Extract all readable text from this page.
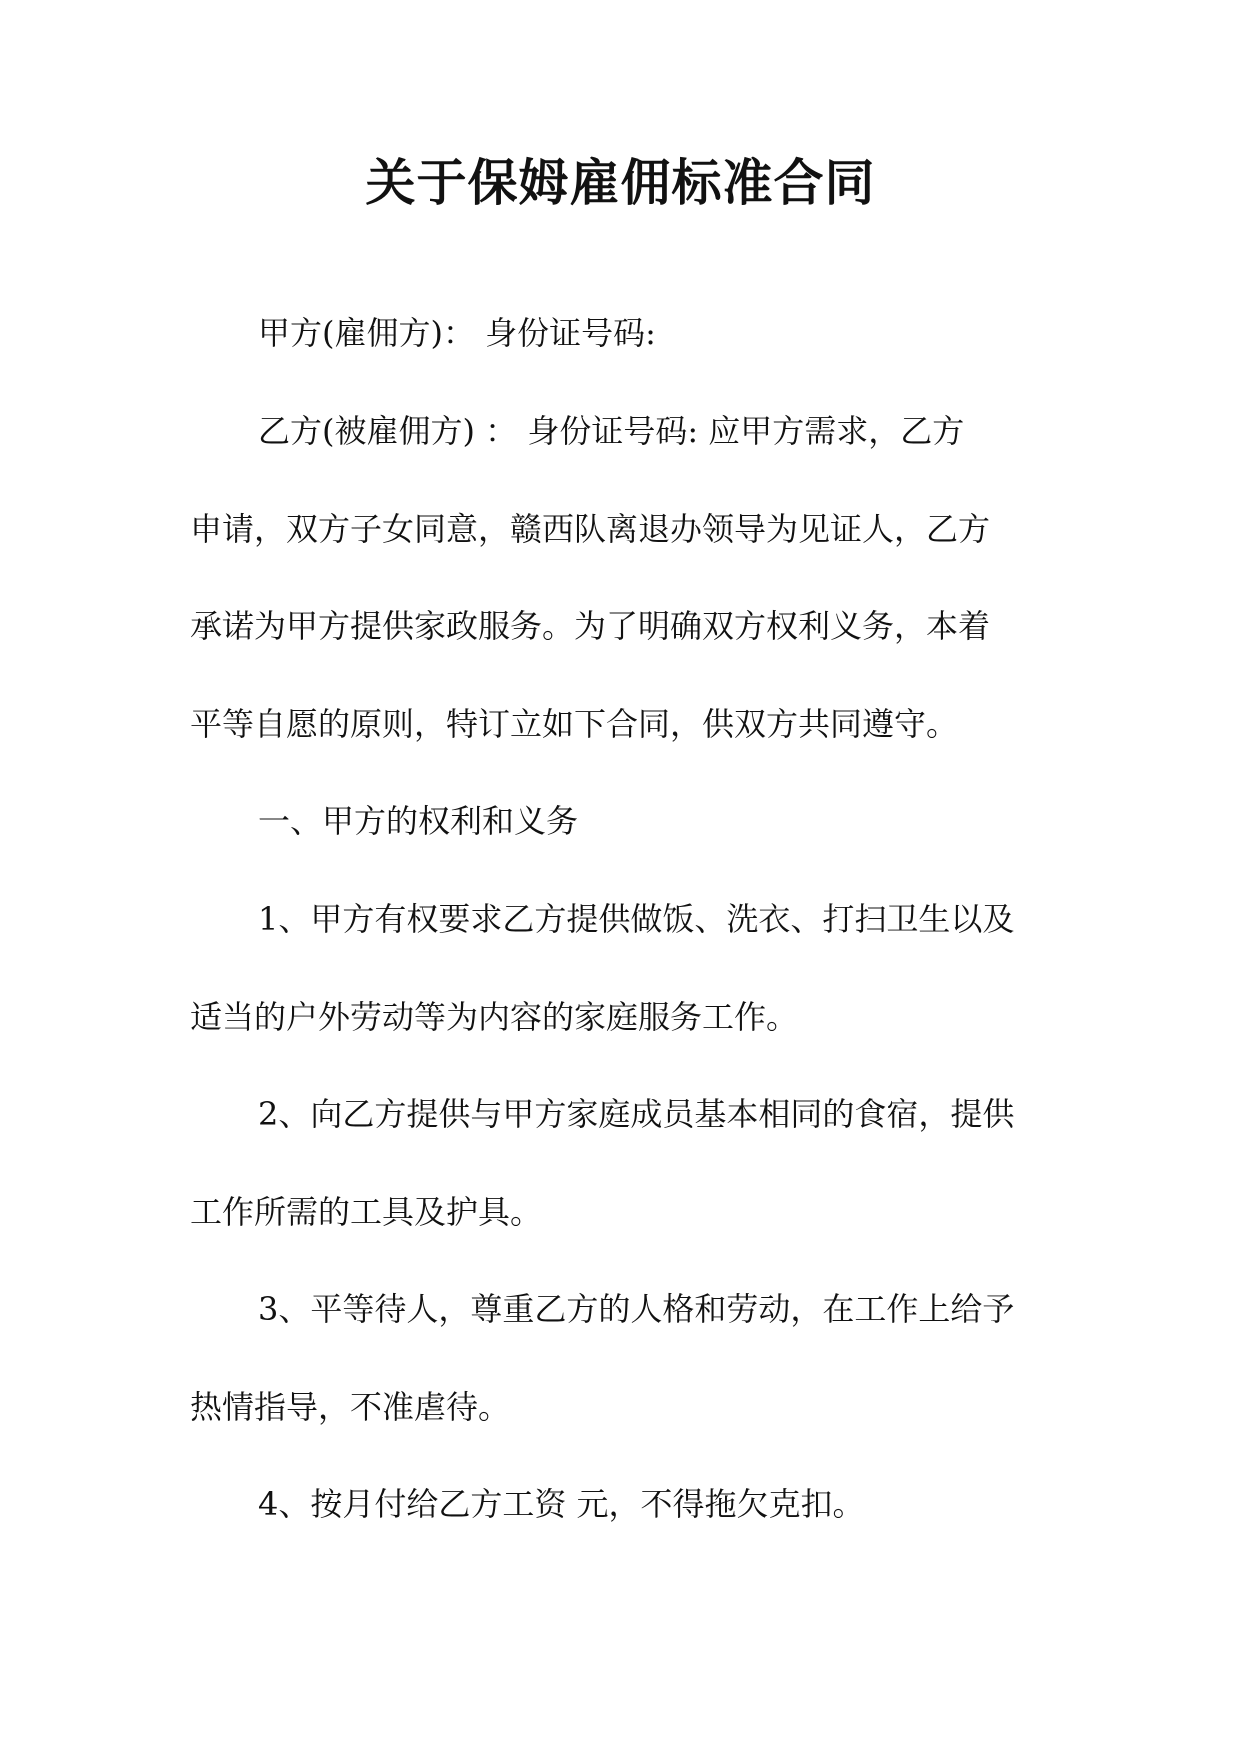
关于保姆雇佣标准合同
甲方(雇佣方)： 身份证号码:
乙方(被雇佣方) ： 身份证号码: 应甲方需求，乙方
申请，双方子女同意，赣西队离退办领导为见证人，乙方
承诺为甲方提供家政服务。为了明确双方权利义务，本着
平等自愿的原则，特订立如下合同，供双方共同遵守。
一、甲方的权利和义务
1、甲方有权要求乙方提供做饭、洗衣、打扫卫生以及
适当的户外劳动等为内容的家庭服务工作。
2、向乙方提供与甲方家庭成员基本相同的食宿，提供
工作所需的工具及护具。
3、平等待人，尊重乙方的人格和劳动，在工作上给予
热情指导，不准虐待。
4、按月付给乙方工资 元，不得拖欠克扣。
